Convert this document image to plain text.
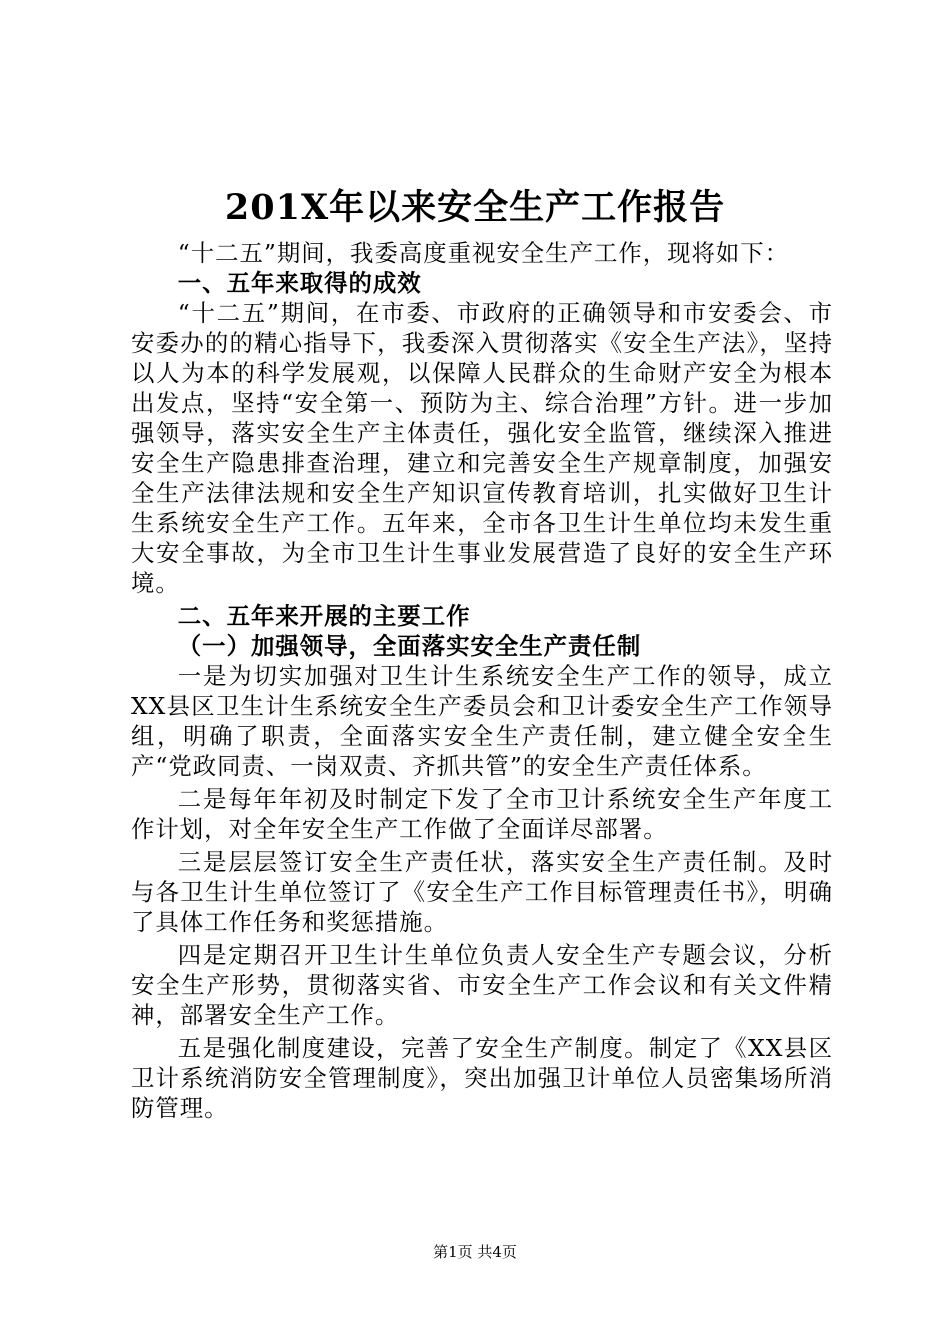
201X年以来安全生产工作报告

“十二五”期间，我委高度重视安全生产工作，现将如下：

一、五年来取得的成效

“十二五”期间，在市委、市政府的正确领导和市安委会、市安委办的的精心指导下，我委深入贯彻落实《安全生产法》，坚持以人为本的科学发展观，以保障人民群众的生命财产安全为根本出发点，坚持“安全第一、预防为主、综合治理”方针。进一步加强领导，落实安全生产主体责任，强化安全监管，继续深入推进安全生产隐患排查治理，建立和完善安全生产规章制度，加强安全生产法律法规和安全生产知识宣传教育培训，扎实做好卫生计生系统安全生产工作。五年来，全市各卫生计生单位均未发生重大安全事故，为全市卫生计生事业发展营造了良好的安全生产环境。

二、五年来开展的主要工作

（一）加强领导，全面落实安全生产责任制

一是为切实加强对卫生计生系统安全生产工作的领导，成立XX县区卫生计生系统安全生产委员会和卫计委安全生产工作领导组，明确了职责，全面落实安全生产责任制，建立健全安全生产“党政同责、一岗双责、齐抓共管”的安全生产责任体系。

二是每年年初及时制定下发了全市卫计系统安全生产年度工作计划，对全年安全生产工作做了全面详尽部署。

三是层层签订安全生产责任状，落实安全生产责任制。及时与各卫生计生单位签订了《安全生产工作目标管理责任书》，明确了具体工作任务和奖惩措施。

四是定期召开卫生计生单位负责人安全生产专题会议，分析安全生产形势，贯彻落实省、市安全生产工作会议和有关文件精神，部署安全生产工作。

五是强化制度建设，完善了安全生产制度。制定了《XX县区卫计系统消防安全管理制度》，突出加强卫计单位人员密集场所消防管理。

第1页 共4页
